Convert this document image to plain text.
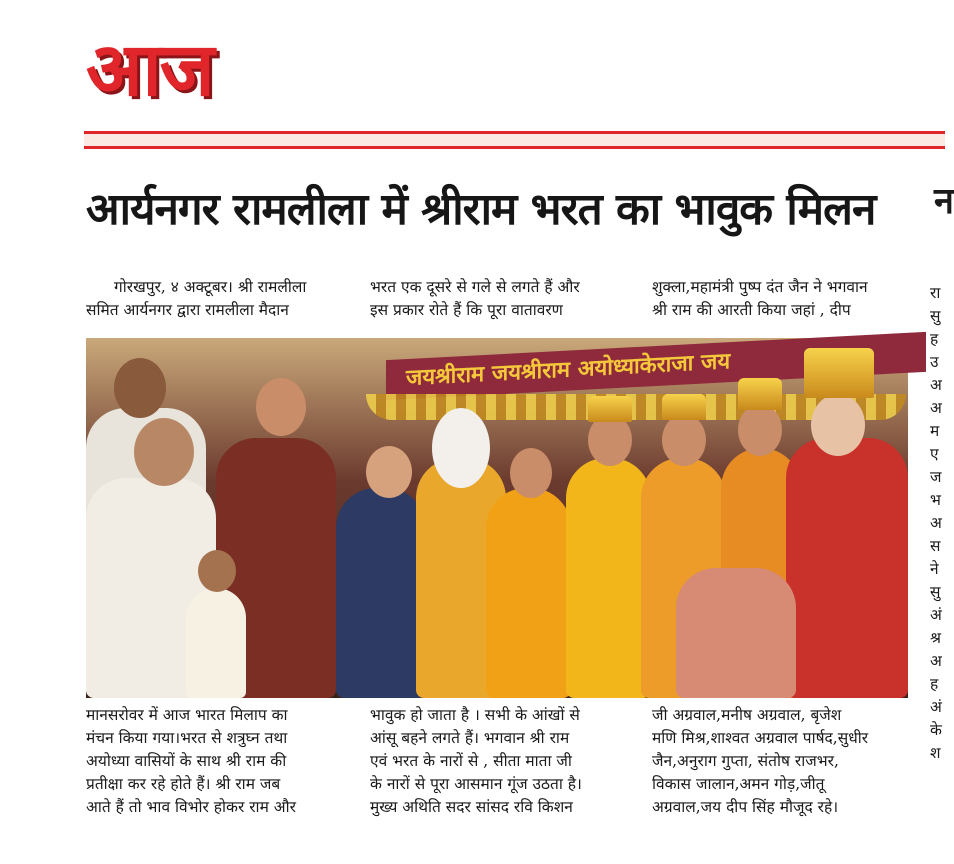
आज
आर्यनगर रामलीला में श्रीराम भरत का भावुक मिलन	न

गोरखपुर, ४ अक्टूबर। श्री रामलीला

समित आर्यनगर द्वारा रामलीला मैदान

भरत एक दूसरे से गले से लगते हैं और

इस प्रकार रोते हैं कि पूरा वातावरण

शुक्ला,महामंत्री पुष्प दंत जैन ने भगवान

श्री राम की आरती किया जहां , दीप

जयश्रीराम जयश्रीराम अयोध्याकेराजा जय

मानसरोवर में आज भारत मिलाप का

मंचन किया गया।भरत से शत्रुघ्न तथा

अयोध्या वासियों के साथ श्री राम की

प्रतीक्षा कर रहे होते हैं। श्री राम जब

आते हैं तो भाव विभोर होकर राम और

भावुक हो जाता है । सभी के आंखों से

आंसू बहने लगते हैं। भगवान श्री राम

एवं भरत के नारों से , सीता माता जी

के नारों से पूरा आसमान गूंज उठता है।

मुख्य अथिति सदर सांसद रवि किशन

जी अग्रवाल,मनीष अग्रवाल, बृजेश

मणि मिश्र,शाश्वत अग्रवाल पार्षद,सुधीर

जैन,अनुराग गुप्ता, संतोष राजभर,

विकास जालान,अमन गोड़,जीतू

अग्रवाल,जय दीप सिंह मौजूद रहे।

रा
सु
ह
उ
अ
अ
म
ए
ज
भ
अ
स
ने
सु
अं
श्र
अ
ह
अं
के
श
